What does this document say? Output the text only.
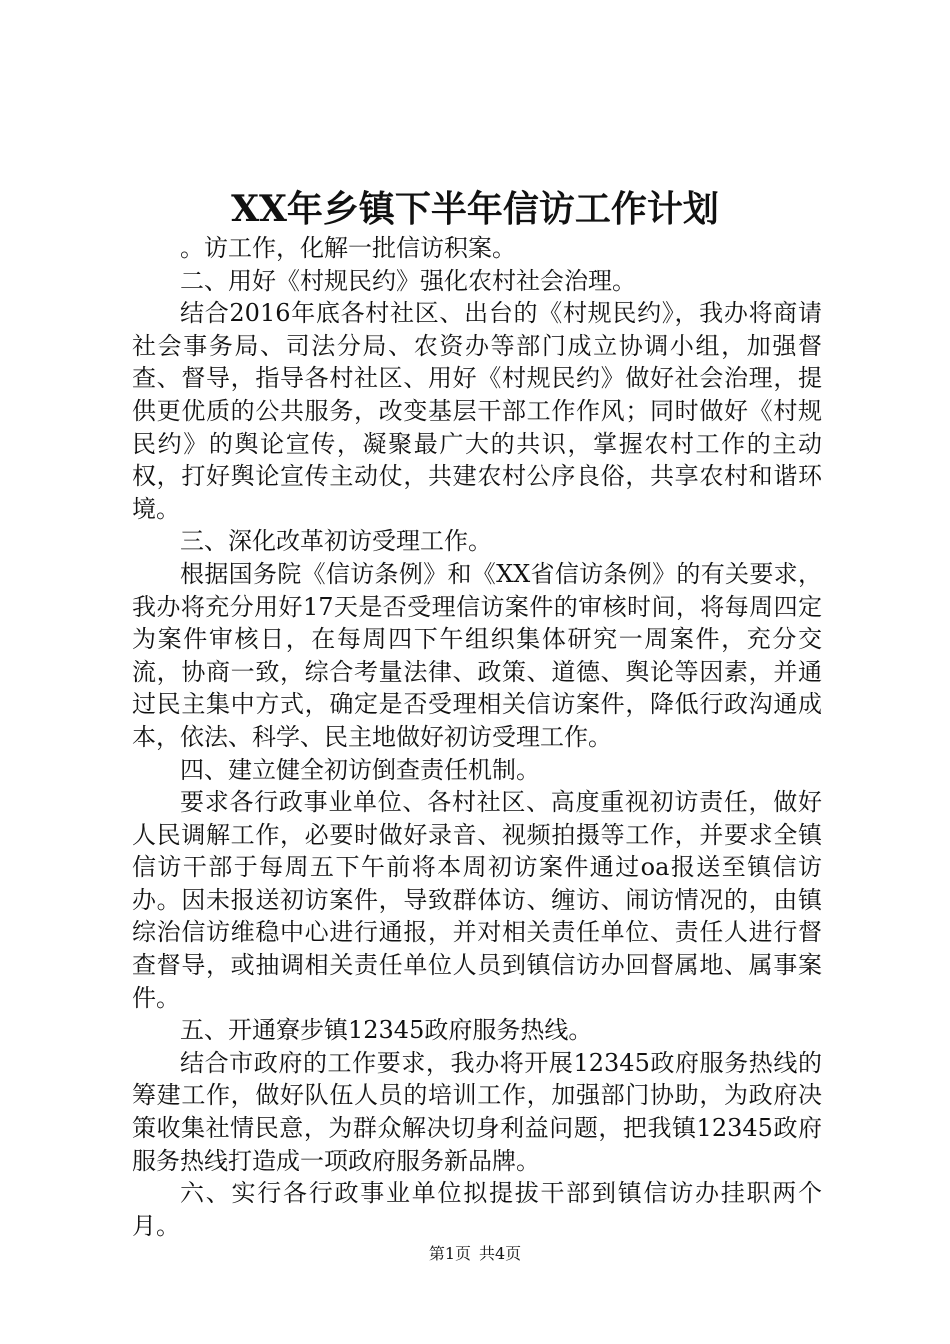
XX年乡镇下半年信访工作计划

。访工作，化解一批信访积案。

二、用好《村规民约》强化农村社会治理。

结合2016年底各村社区、出台的《村规民约》，我办将商请社会事务局、司法分局、农资办等部门成立协调小组，加强督查、督导，指导各村社区、用好《村规民约》做好社会治理，提供更优质的公共服务，改变基层干部工作作风；同时做好《村规民约》的舆论宣传，凝聚最广大的共识，掌握农村工作的主动权，打好舆论宣传主动仗，共建农村公序良俗，共享农村和谐环境。

三、深化改革初访受理工作。

根据国务院《信访条例》和《XX省信访条例》的有关要求，我办将充分用好17天是否受理信访案件的审核时间，将每周四定为案件审核日，在每周四下午组织集体研究一周案件，充分交流，协商一致，综合考量法律、政策、道德、舆论等因素，并通过民主集中方式，确定是否受理相关信访案件，降低行政沟通成本，依法、科学、民主地做好初访受理工作。

四、建立健全初访倒查责任机制。

要求各行政事业单位、各村社区、高度重视初访责任，做好人民调解工作，必要时做好录音、视频拍摄等工作，并要求全镇信访干部于每周五下午前将本周初访案件通过oa报送至镇信访办。因未报送初访案件，导致群体访、缠访、闹访情况的，由镇综治信访维稳中心进行通报，并对相关责任单位、责任人进行督查督导，或抽调相关责任单位人员到镇信访办回督属地、属事案件。

五、开通寮步镇12345政府服务热线。

结合市政府的工作要求，我办将开展12345政府服务热线的筹建工作，做好队伍人员的培训工作，加强部门协助，为政府决策收集社情民意，为群众解决切身利益问题，把我镇12345政府服务热线打造成一项政府服务新品牌。

六、实行各行政事业单位拟提拔干部到镇信访办挂职两个月。

第1页 共4页
